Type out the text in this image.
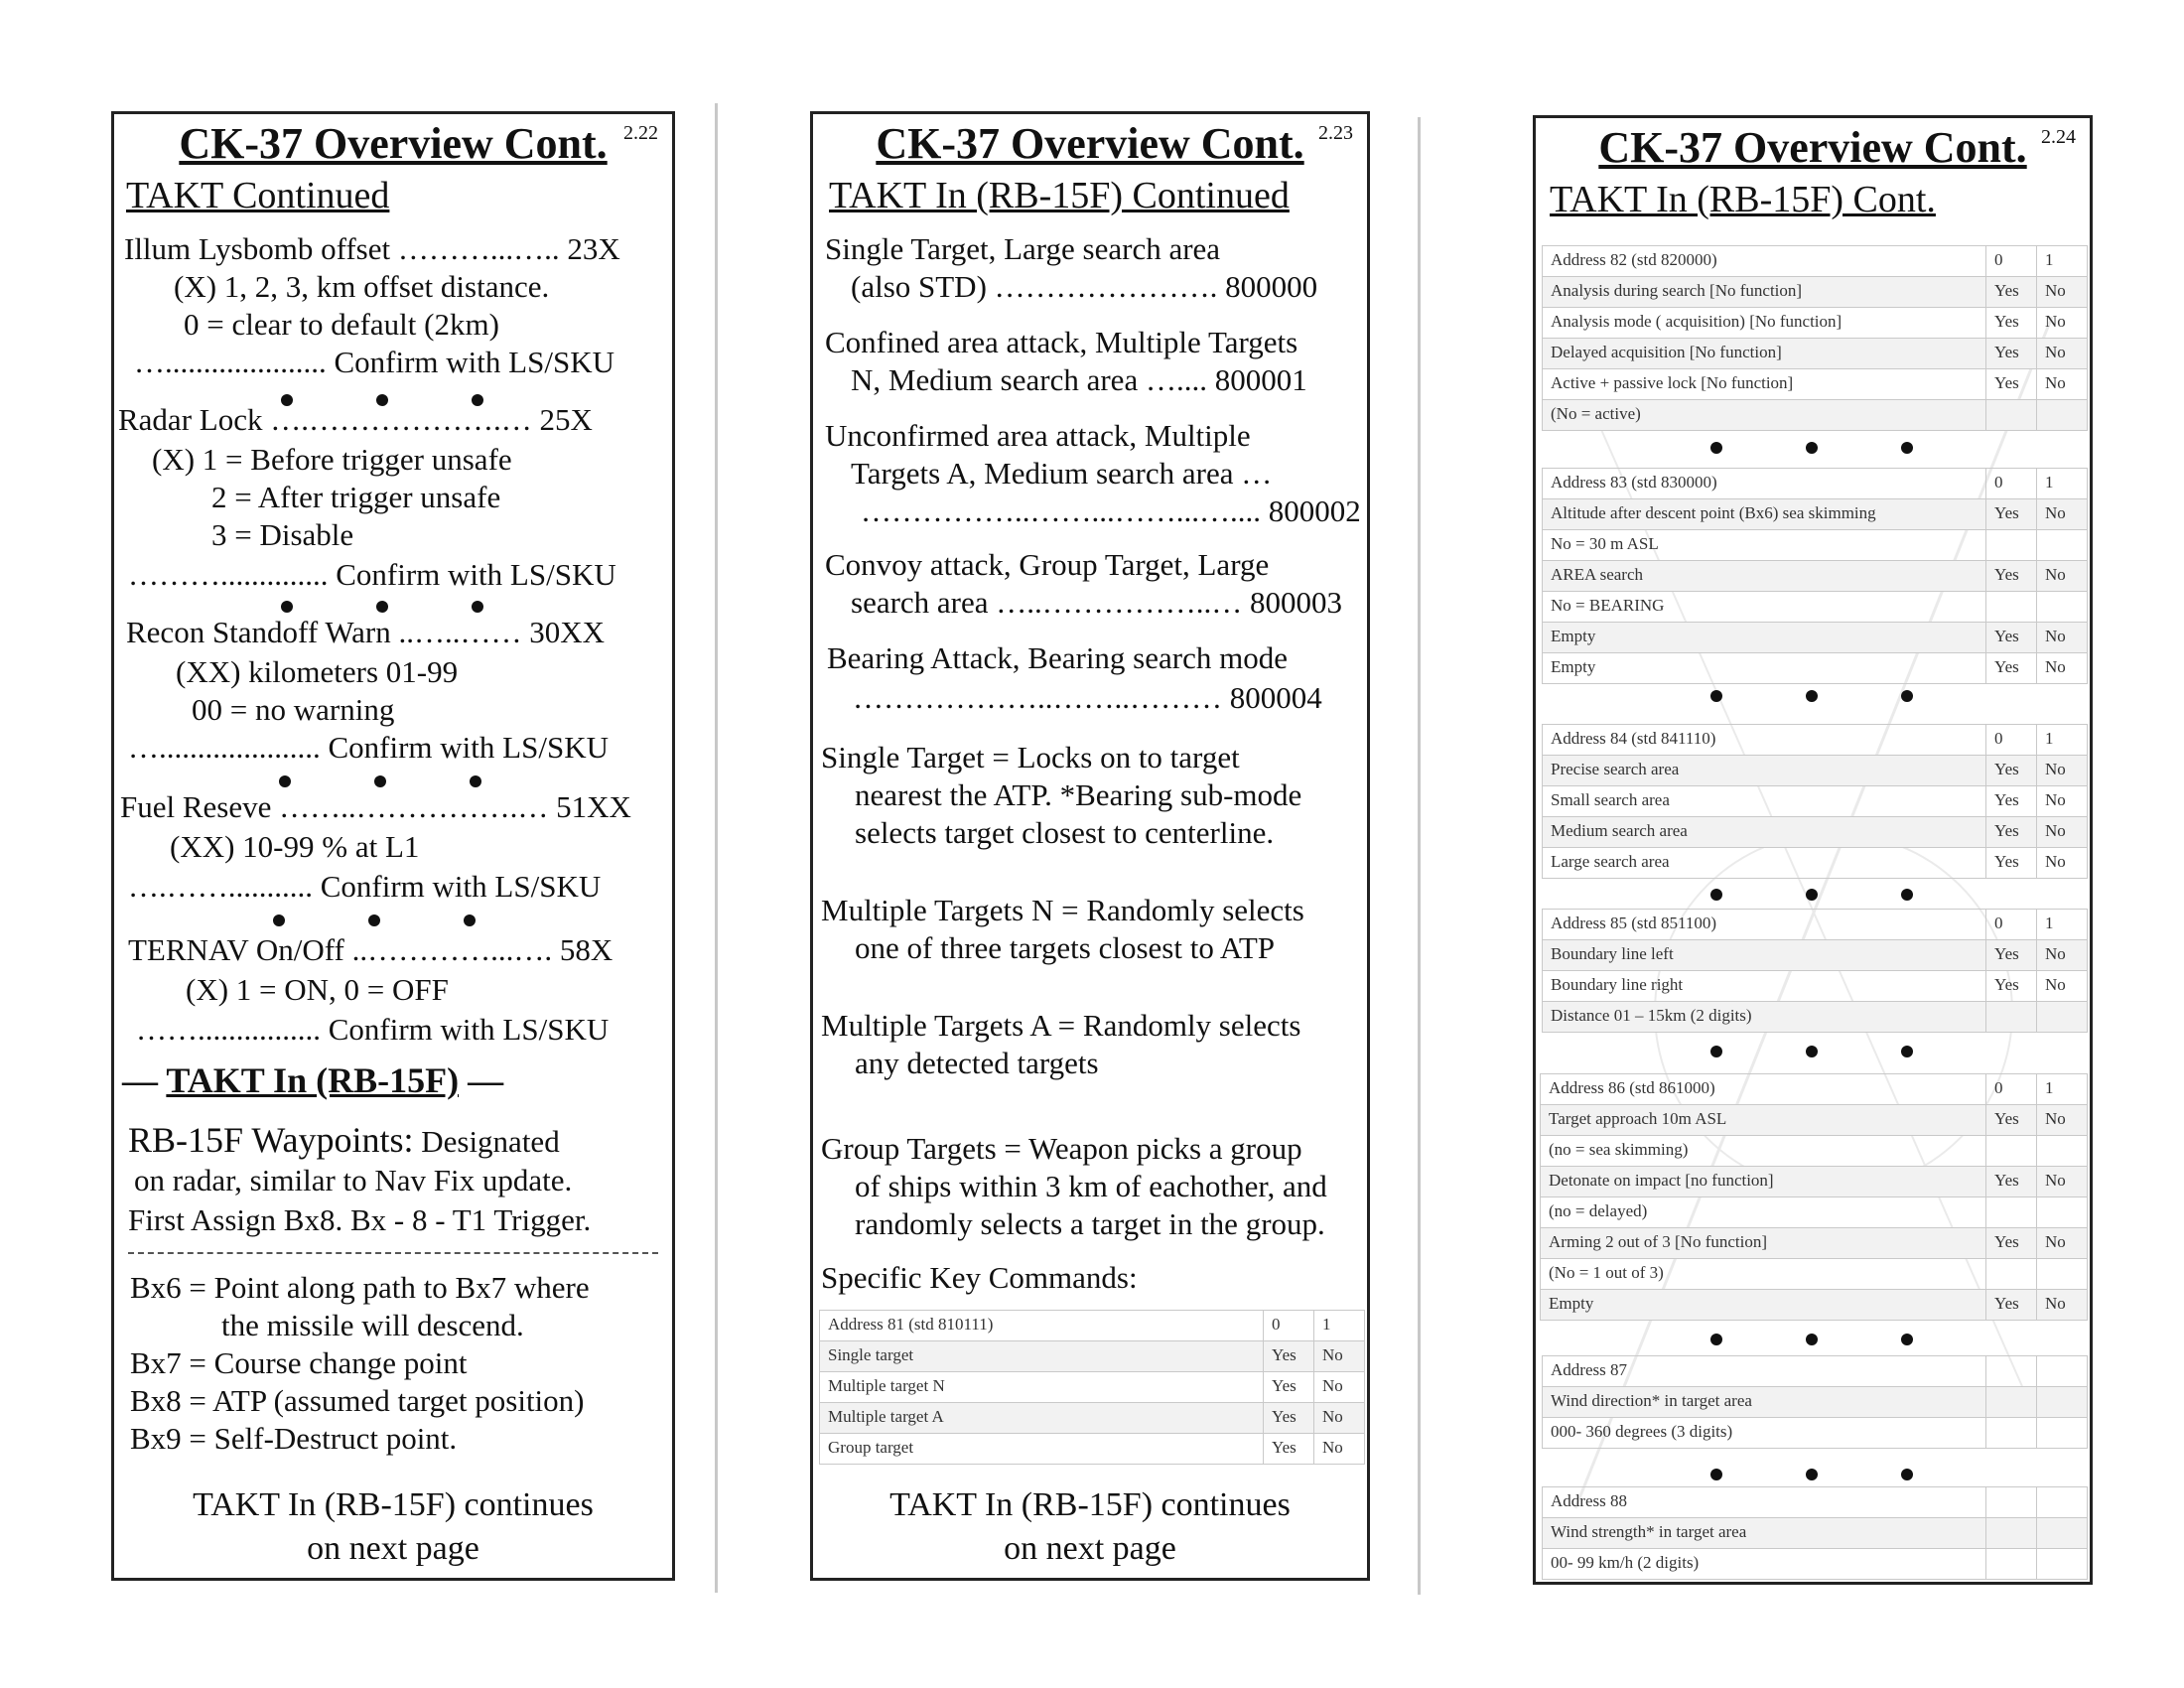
CK-37 Overview Cont. 2.22
TAKT Continued
Illum Lysbomb offset ………...….. 23X
(X) 1, 2, 3, km offset distance.
0 = clear to default (2km)
…..................... Confirm with LS/SKU
Radar Lock ….……………….… 25X
(X) 1 = Before trigger unsafe
2 = After trigger unsafe
3 = Disable
……….............. Confirm with LS/SKU
Recon Standoff Warn ..…..…… 30XX
(XX) kilometers 01-99
00 = no warning
…..................... Confirm with LS/SKU
Fuel Reseve ……..…………….… 51XX
(XX) 10-99 % at L1
….……........... Confirm with LS/SKU
TERNAV On/Off ..…………...…. 58X
(X) 1 = ON, 0 = OFF
……................ Confirm with LS/SKU
— TAKT In (RB-15F) —
RB-15F Waypoints: Designated
on radar, similar to Nav Fix update.
First Assign Bx8. Bx - 8 - T1 Trigger.
Bx6 = Point along path to Bx7 where
the missile will descend.
Bx7 = Course change point
Bx8 = ATP (assumed target position)
Bx9 = Self-Destruct point.
TAKT In (RB-15F) continues
on next page
CK-37 Overview Cont. 2.23
TAKT In (RB-15F) Continued
Single Target, Large search area
(also STD) …………………. 800000
Confined area attack, Multiple Targets
N, Medium search area ….... 800001
Unconfirmed area attack, Multiple
Targets A, Medium search area …
……………..……...……...….... 800002
Convoy attack, Group Target, Large
search area …..……………..… 800003
Bearing Attack, Bearing search mode
………………..……..……… 800004
Single Target = Locks on to target
nearest the ATP. *Bearing sub-mode
selects target closest to centerline.
Multiple Targets N = Randomly selects
one of three targets closest to ATP
Multiple Targets A = Randomly selects
any detected targets
Group Targets = Weapon picks a group
of ships within 3 km of eachother, and
randomly selects a target in the group.
Specific Key Commands:
Address 81 (std 810111)	0	1
Single target	Yes	No
Multiple target N	Yes	No
Multiple target A	Yes	No
Group target	Yes	No
TAKT In (RB-15F) continues
on next page
CK-37 Overview Cont. 2.24
TAKT In (RB-15F) Cont.
Address 82 (std 820000)	0	1
Analysis during search [No function]	Yes	No
Analysis mode ( acquisition) [No function]	Yes	No
Delayed acquisition [No function]	Yes	No
Active + passive lock [No function]	Yes	No
(No = active)		
Address 83 (std 830000)	0	1
Altitude after descent point (Bx6) sea skimming	Yes	No
No = 30 m ASL		
AREA search	Yes	No
No = BEARING		
Empty	Yes	No
Empty	Yes	No
Address 84 (std 841110)	0	1
Precise search area	Yes	No
Small search area	Yes	No
Medium search area	Yes	No
Large search area	Yes	No
Address 85 (std 851100)	0	1
Boundary line left	Yes	No
Boundary line right	Yes	No
Distance 01 – 15km (2 digits)		
Address 86 (std 861000)	0	1
Target approach 10m ASL	Yes	No
(no = sea skimming)		
Detonate on impact [no function]	Yes	No
(no = delayed)		
Arming 2 out of 3 [No function]	Yes	No
(No = 1 out of 3)		
Empty	Yes	No
Address 87		
Wind direction* in target area		
000- 360 degrees (3 digits)		
Address 88		
Wind strength* in target area		
00- 99 km/h (2 digits)		
